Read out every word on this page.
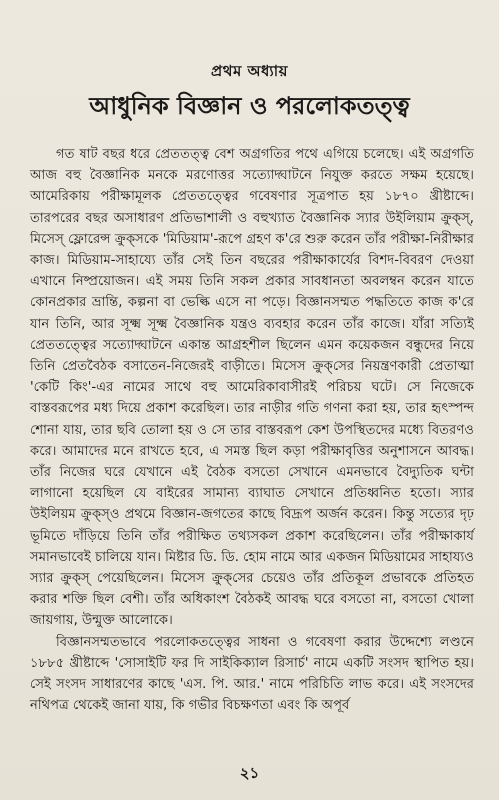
প্রথম অধ্যায়
আধুনিক বিজ্ঞান ও পরলোকতত্ত্ব

গত ষাট বছর ধরে প্রেততত্ত্ব বেশ অগ্রগতির পথে এগিয়ে চলেছে। এই অগ্রগতি আজ বহু বৈজ্ঞানিক মনকে মরণোত্তর সত্যোদ্ঘাটনে নিযুক্ত করতে সক্ষম হয়েছে। আমেরিকায় পরীক্ষামূলক প্রেততত্ত্বের গবেষণার সূত্রপাত হয় ১৮৭০ খ্রীষ্টাব্দে। তারপরের বছর অসাধারণ প্রতিভাশালী ও বহুখ্যাত বৈজ্ঞানিক স্যার উইলিয়াম ক্রুক্‌স্‌, মিসেস্‌ ফ্লোরেন্স ক্রুক্‌সকে 'মিডিয়াম'-রূপে গ্রহণ ক'রে শুরু করেন তাঁর পরীক্ষা-নিরীক্ষার কাজ। মিডিয়াম-সাহায্যে তাঁর সেই তিন বছরের পরীক্ষাকার্যের বিশদ-বিবরণ দেওয়া এখানে নিষ্প্রয়োজন। এই সময় তিনি সকল প্রকার সাবধানতা অবলম্বন করেন যাতে কোনপ্রকার ভ্রান্তি, কল্পনা বা ভেল্কি এসে না পড়ে। বিজ্ঞানসম্মত পদ্ধতিতে কাজ ক'রে যান তিনি, আর সূক্ষ্ম সূক্ষ্ম বৈজ্ঞানিক যন্ত্রও ব্যবহার করেন তাঁর কাজে। যাঁরা সত্যিই প্রেততত্ত্বের সত্যোদ্ঘাটনে একান্ত আগ্রহশীল ছিলেন এমন কয়েকজন বন্ধুদের নিয়ে তিনি প্রেতবৈঠক বসাতেন-নিজেরই বাড়ীতে। মিসেস ক্রুক্‌সের নিয়ন্ত্রণকারী প্রেতাত্মা 'কেটি কিং'-এর নামের সাথে বহু আমেরিকাবাসীরই পরিচয় ঘটে। সে নিজেকে বাস্তবরূপের মধ্য দিয়ে প্রকাশ করেছিল। তার নাড়ীর গতি গণনা করা হয়, তার হৃৎস্পন্দ শোনা যায়, তার ছবি তোলা হয় ও সে তার বাস্তবরূপ কেশ উপস্থিতদের মধ্যে বিতরণও করে। আমাদের মনে রাখতে হবে, এ সমস্ত ছিল কড়া পরীক্ষাবৃত্তির অনুশাসনে আবদ্ধ। তাঁর নিজের ঘরে যেখানে এই বৈঠক বসতো সেখানে এমনভাবে বৈদ্যুতিক ঘন্টা লাগানো হয়েছিল যে বাইরের সামান্য ব্যাঘাত সেখানে প্রতিধ্বনিত হতো। স্যার উইলিয়ম ক্রুক্‌স্‌ও প্রথমে বিজ্ঞান-জগতের কাছে বিদ্রূপ অর্জন করেন। কিন্তু সত্যের দৃঢ় ভূমিতে দাঁড়িয়ে তিনি তাঁর পরীক্ষিত তথ্যসকল প্রকাশ করেছিলেন। তাঁর পরীক্ষাকার্য সমানভাবেই চালিয়ে যান। মিষ্টার ডি. ডি. হোম নামে আর একজন মিডিয়ামের সাহায্যও স্যার ক্রুক্‌স্‌ পেয়েছিলেন। মিসেস ক্রুক্‌সের চেয়েও তাঁর প্রতিকূল প্রভাবকে প্রতিহত করার শক্তি ছিল বেশী। তাঁর অধিকাংশ বৈঠকই আবদ্ধ ঘরে বসতো না, বসতো খোলা জায়গায়, উন্মুক্ত আলোকে।

বিজ্ঞানসম্মতভাবে পরলোকতত্ত্বের সাধনা ও গবেষণা করার উদ্দেশ্যে লণ্ডনে ১৮৮৫ খ্রীষ্টাব্দে 'সোসাইটি ফর দি সাইকিক্যাল রিসার্চ' নামে একটি সংসদ স্থাপিত হয়। সেই সংসদ সাধারণের কাছে 'এস. পি. আর.' নামে পরিচিতি লাভ করে। এই সংসদের নথিপত্র থেকেই জানা যায়, কি গভীর বিচক্ষণতা এবং কি অপূর্ব

২১
